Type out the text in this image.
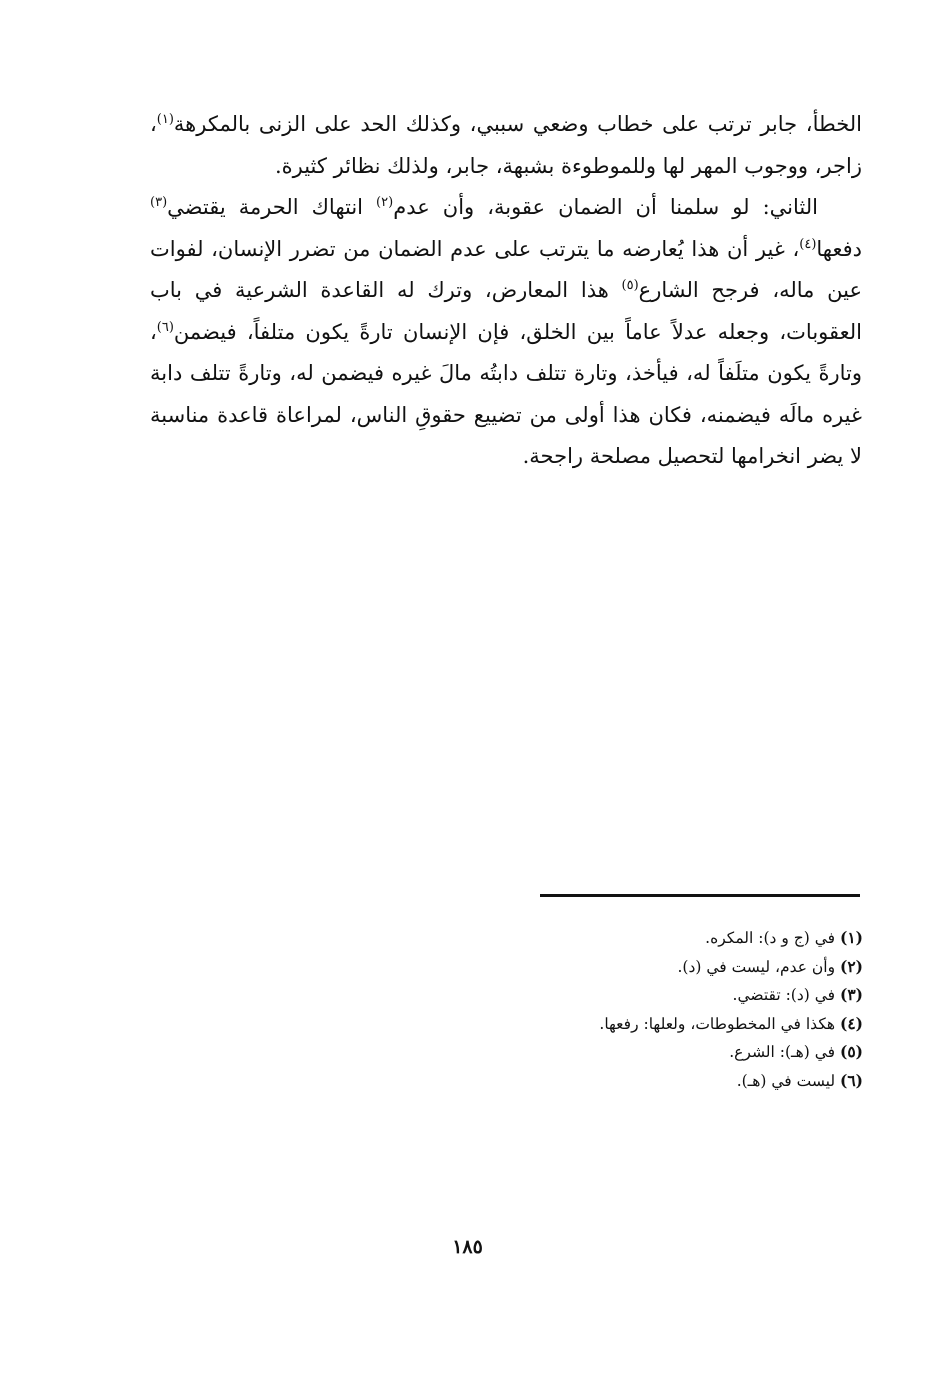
الخطأ، جابر ترتب على خطاب وضعي سببي، وكذلك الحد على الزنى بالمكرهة$^{(١)}$، زاجر، ووجوب المهر لها وللموطوءة بشبهة، جابر، ولذلك نظائر كثيرة.

الثاني: لو سلمنا أن الضمان عقوبة، وأن عدم$^{(٢)}$ انتهاك الحرمة يقتضي$^{(٣)}$ دفعها$^{(٤)}$، غير أن هذا يُعارضه ما يترتب على عدم الضمان من تضرر الإنسان، لفوات عين ماله، فرجح الشارع$^{(٥)}$ هذا المعارض، وترك له القاعدة الشرعية في باب العقوبات، وجعله عدلاً عاماً بين الخلق، فإن الإنسان تارةً يكون متلفاً، فيضمن$^{(٦)}$، وتارةً يكون متلَفاً له، فيأخذ، وتارة تتلف دابتُه مالَ غيره فيضمن له، وتارةً تتلف دابة غيره مالَه فيضمنه، فكان هذا أولى من تضييع حقوقِ الناس، لمراعاة قاعدة مناسبة لا يضر انخرامها لتحصيل مصلحة راجحة.

(١) في (ج و د): المكره.
(٢) وأن عدم، ليست في (د).
(٣) في (د): تقتضي.
(٤) هكذا في المخطوطات، ولعلها: رفعها.
(٥) في (هـ): الشرع.
(٦) ليست في (هـ).
١٨٥
